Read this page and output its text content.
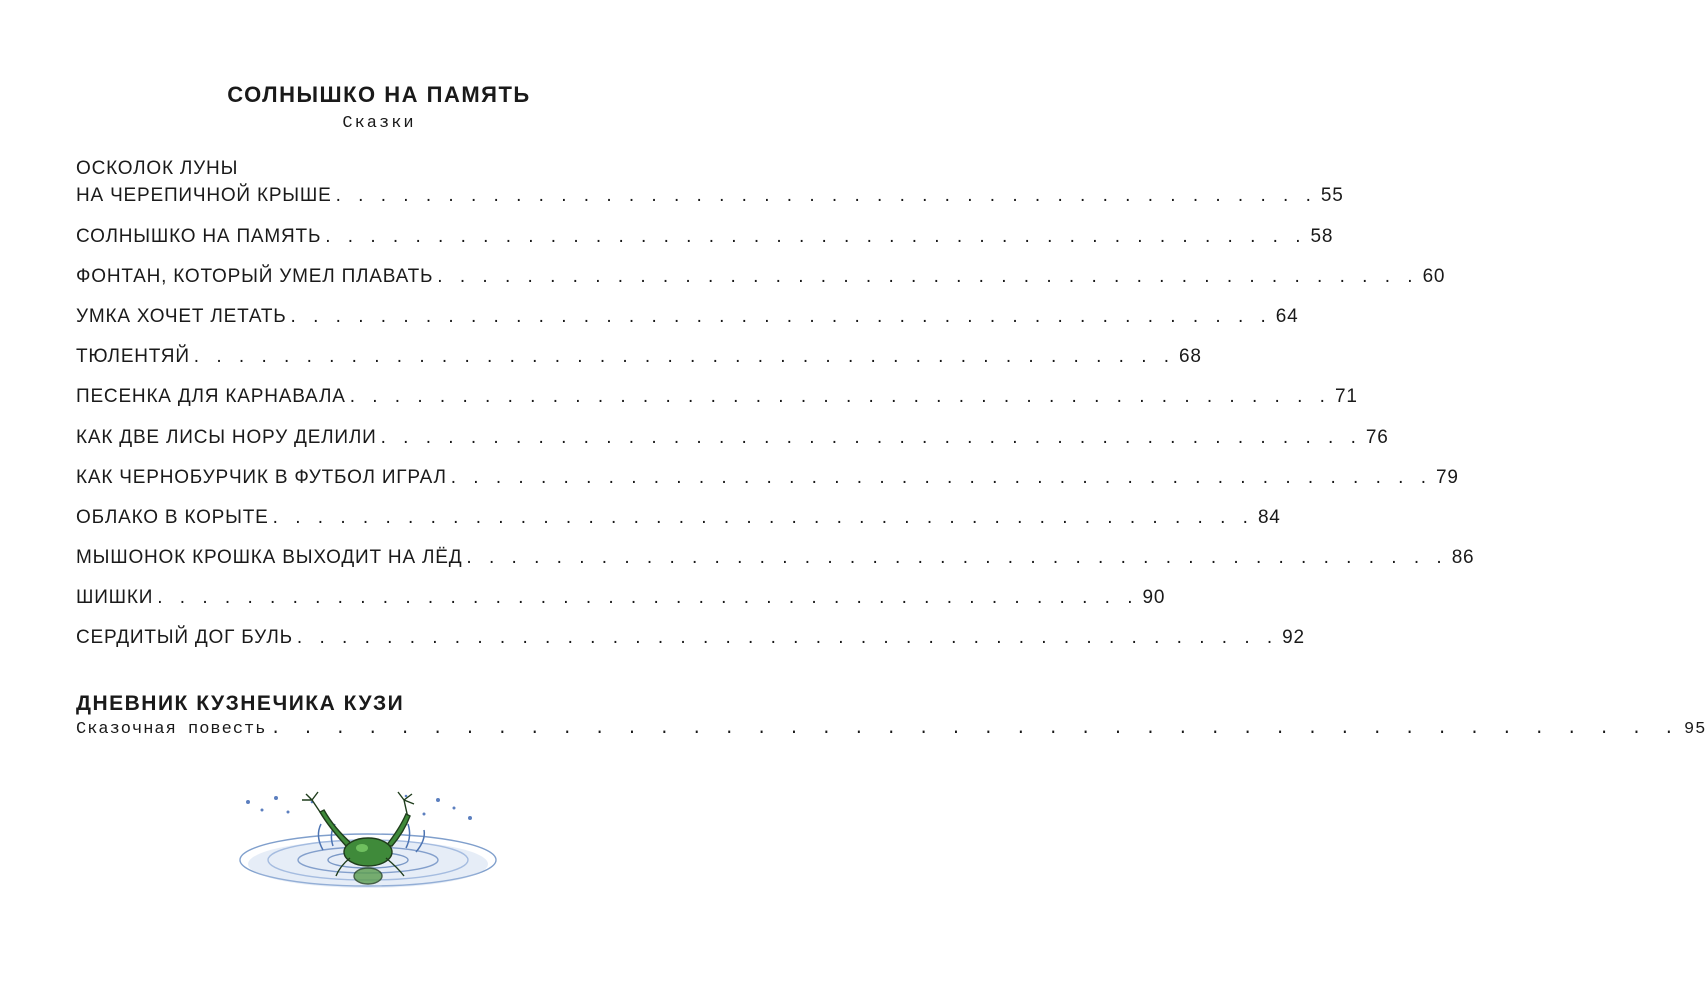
СОЛНЫШКО НА ПАМЯТЬ
Сказки
ОСКОЛОК ЛУНЫ
НА ЧЕРЕПИЧНОЙ КРЫШЕ . . . . . . . . . . . . . . . . . . . . . . . . . . . . . . . . . . . . . . . . . . . . 55
СОЛНЫШКО НА ПАМЯТЬ . . . . . . . . . . . . . . . . . . . . . . . . . . . . . . . . . . . . . . . . . . . . 58
ФОНТАН, КОТОРЫЙ УМЕЛ ПЛАВАТЬ . . . . . . . . . . . . . . . . . . . . . . . . . . . . . . . . . . . . . . . . . . . . 60
УМКА ХОЧЕТ ЛЕТАТЬ . . . . . . . . . . . . . . . . . . . . . . . . . . . . . . . . . . . . . . . . . . . . 64
ТЮЛЕНТЯЙ . . . . . . . . . . . . . . . . . . . . . . . . . . . . . . . . . . . . . . . . . . . . 68
ПЕСЕНКА ДЛЯ КАРНАВАЛА . . . . . . . . . . . . . . . . . . . . . . . . . . . . . . . . . . . . . . . . . . . . 71
КАК ДВЕ ЛИСЫ НОРУ ДЕЛИЛИ . . . . . . . . . . . . . . . . . . . . . . . . . . . . . . . . . . . . . . . . . . . . 76
КАК ЧЕРНОБУРЧИК В ФУТБОЛ ИГРАЛ . . . . . . . . . . . . . . . . . . . . . . . . . . . . . . . . . . . . . . . . . . . . 79
ОБЛАКО В КОРЫТЕ . . . . . . . . . . . . . . . . . . . . . . . . . . . . . . . . . . . . . . . . . . . . 84
МЫШОНОК КРОШКА ВЫХОДИТ НА ЛЁД . . . . . . . . . . . . . . . . . . . . . . . . . . . . . . . . . . . . . . . . . . . . 86
ШИШКИ . . . . . . . . . . . . . . . . . . . . . . . . . . . . . . . . . . . . . . . . . . . . 90
СЕРДИТЫЙ ДОГ БУЛЬ . . . . . . . . . . . . . . . . . . . . . . . . . . . . . . . . . . . . . . . . . . . . 92
ДНЕВНИК КУЗНЕЧИКА КУЗИ
Сказочная повесть . . . . . . . . . . . . . . . . . . . . . . . . . . . . . . . . . . . . . . . . . . . . 95
